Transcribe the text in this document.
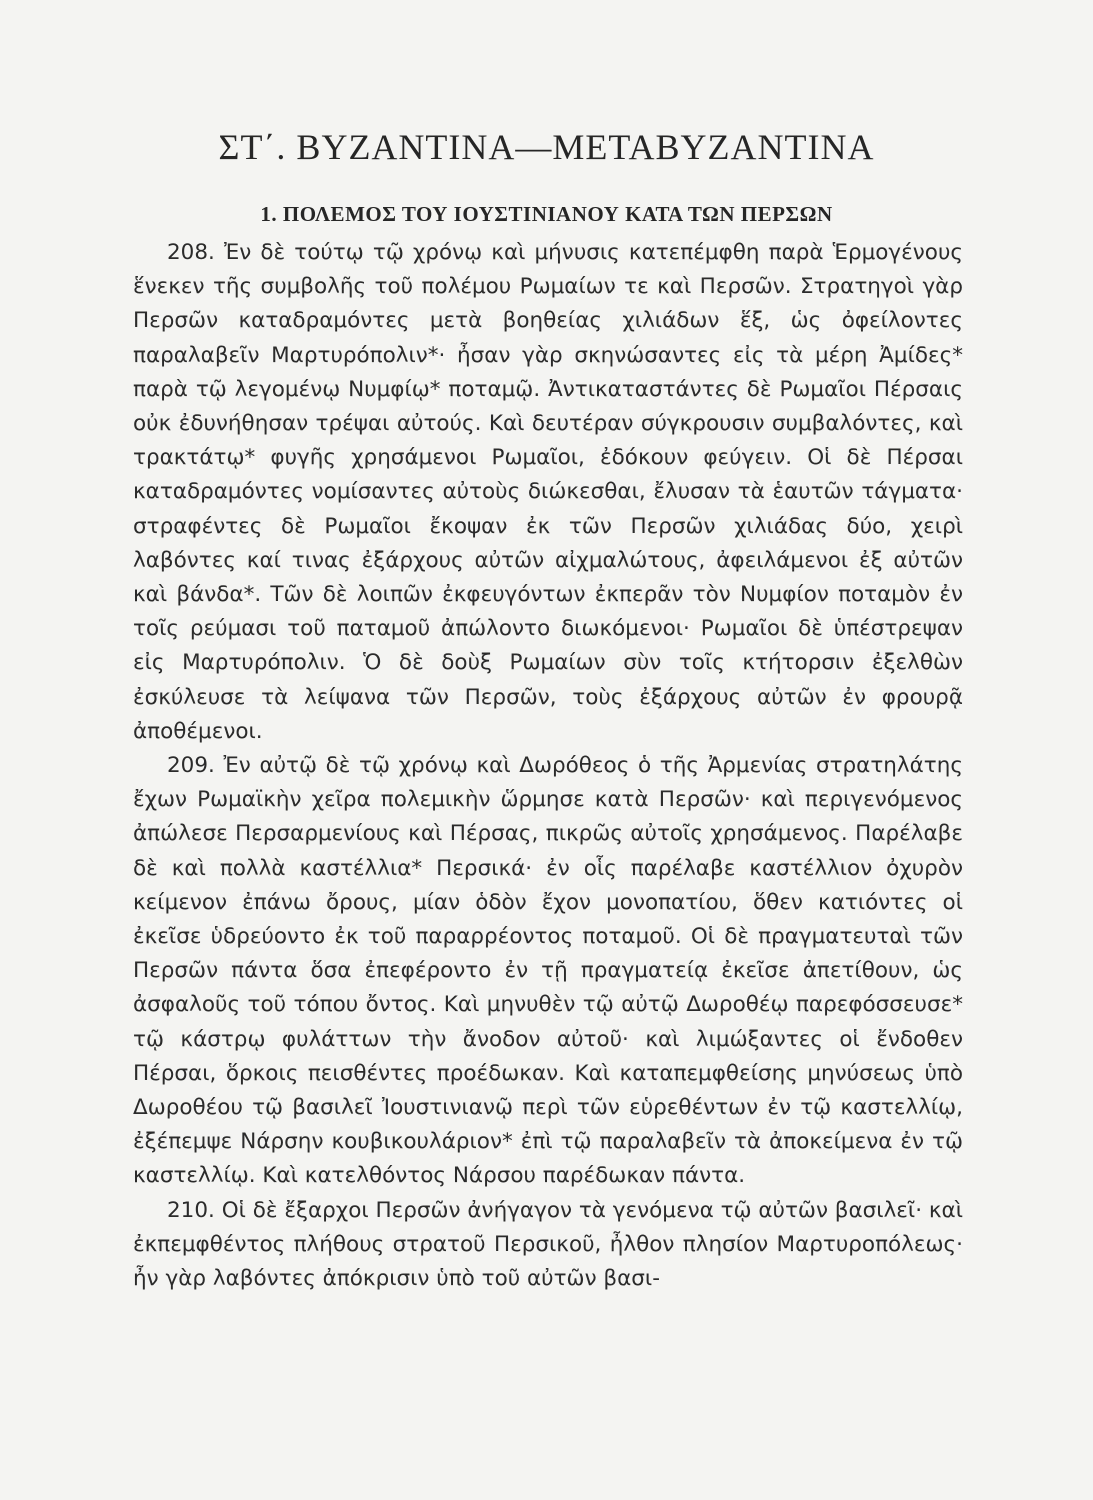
ΣΤ΄. ΒΥΖΑΝΤΙΝΑ—ΜΕΤΑΒΥΖΑΝΤΙΝΑ
1. ΠΟΛΕΜΟΣ ΤΟΥ ΙΟΥΣΤΙΝΙΑΝΟΥ ΚΑΤΑ ΤΩΝ ΠΕΡΣΩΝ

208. Ἐν δὲ τούτῳ τῷ χρόνῳ καὶ μήνυσις κατεπέμφθη παρὰ Ἑρμογένους ἕνεκεν τῆς συμβολῆς τοῦ πολέμου Ρωμαίων τε καὶ Περσῶν. Στρατηγοὶ γὰρ Περσῶν καταδραμόντες μετὰ βοηθείας χιλιάδων ἕξ, ὡς ὀφείλοντες παραλαβεῖν Μαρτυρόπολιν*· ἦσαν γὰρ σκηνώσαντες εἰς τὰ μέρη Ἀμίδες* παρὰ τῷ λεγομένῳ Νυμφίῳ* ποταμῷ. Ἀντικαταστάντες δὲ Ρωμαῖοι Πέρσαις οὐκ ἐδυνήθησαν τρέψαι αὐτούς. Καὶ δευτέραν σύγκρουσιν συμβαλόντες, καὶ τρακτάτῳ* φυγῆς χρησάμενοι Ρωμαῖοι, ἐδόκουν φεύγειν. Οἱ δὲ Πέρσαι καταδραμόντες νομίσαντες αὐτοὺς διώκεσθαι, ἔλυσαν τὰ ἑαυτῶν τάγματα· στραφέντες δὲ Ρωμαῖοι ἔκοψαν ἐκ τῶν Περσῶν χιλιάδας δύο, χειρὶ λαβόντες καί τινας ἐξάρχους αὐτῶν αἰχμαλώτους, ἀφειλάμενοι ἐξ αὐτῶν καὶ βάνδα*. Τῶν δὲ λοιπῶν ἐκφευγόντων ἐκπερᾶν τὸν Νυμφίον ποταμὸν ἐν τοῖς ρεύμασι τοῦ παταμοῦ ἀπώλοντο διωκόμενοι· Ρωμαῖοι δὲ ὑπέστρεψαν εἰς Μαρτυρόπολιν. Ὁ δὲ δοὺξ Ρωμαίων σὺν τοῖς κτήτορσιν ἐξελθὼν ἐσκύλευσε τὰ λείψανα τῶν Περσῶν, τοὺς ἐξάρχους αὐτῶν ἐν φρουρᾷ ἀποθέμενοι.

209. Ἐν αὐτῷ δὲ τῷ χρόνῳ καὶ Δωρόθεος ὁ τῆς Ἀρμενίας στρατηλάτης ἔχων Ρωμαϊκὴν χεῖρα πολεμικὴν ὥρμησε κατὰ Περσῶν· καὶ περιγενόμενος ἀπώλεσε Περσαρμενίους καὶ Πέρσας, πικρῶς αὐτοῖς χρησάμενος. Παρέλαβε δὲ καὶ πολλὰ καστέλλια* Περσικά· ἐν οἷς παρέλαβε καστέλλιον ὀχυρὸν κείμενον ἐπάνω ὄρους, μίαν ὁδὸν ἔχον μονοπατίου, ὅθεν κατιόντες οἱ ἐκεῖσε ὑδρεύοντο ἐκ τοῦ παραρρέοντος ποταμοῦ. Οἱ δὲ πραγματευταὶ τῶν Περσῶν πάντα ὅσα ἐπεφέροντο ἐν τῇ πραγματείᾳ ἐκεῖσε ἀπετίθουν, ὡς ἀσφαλοῦς τοῦ τόπου ὄντος. Καὶ μηνυθὲν τῷ αὐτῷ Δωροθέῳ παρεφόσσευσε* τῷ κάστρῳ φυλάττων τὴν ἄνοδον αὐτοῦ· καὶ λιμώξαντες οἱ ἔνδοθεν Πέρσαι, ὅρκοις πεισθέντες προέδωκαν. Καὶ καταπεμφθείσης μηνύσεως ὑπὸ Δωροθέου τῷ βασιλεῖ Ἰουστινιανῷ περὶ τῶν εὑρεθέντων ἐν τῷ καστελλίῳ, ἐξέπεμψε Νάρσην κουβικουλάριον* ἐπὶ τῷ παραλαβεῖν τὰ ἀποκείμενα ἐν τῷ καστελλίῳ. Καὶ κατελθόντος Νάρσου παρέδωκαν πάντα.

210. Οἱ δὲ ἔξαρχοι Περσῶν ἀνήγαγον τὰ γενόμενα τῷ αὐτῶν βασιλεῖ· καὶ ἐκπεμφθέντος πλήθους στρατοῦ Περσικοῦ, ἦλθον πλησίον Μαρτυροπόλεως· ἦν γὰρ λαβόντες ἀπόκρισιν ὑπὸ τοῦ αὐτῶν βασι-
